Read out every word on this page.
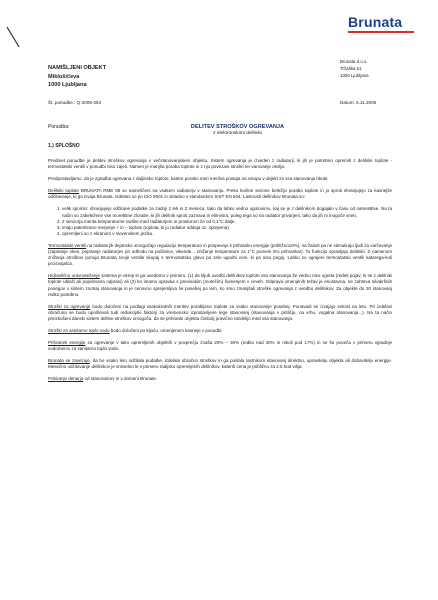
Brunata
Brunata d.o.o.
Tržaška 61
1000 Ljubljana
NAMIŠLJENI OBJEKT
Miklošičeva
1000 Ljubljana
Št. ponudbe.: Q-2006-254	Datum: 6.11.2006
Ponudba:	DELITEV STROŠKOV OGREVANJA
z elektronskimi delilniki
1.) SPLOŠNO

Predmet ponudbe je delitev stroškov ogrevanja v večstanovanjskem objektu. Sistem ogrevanja je izveden z radiatorji, ki jih je potrebno opremiti z delilniki toplote - termostatski ventili v ponudbi niso zajeti. Namen je manjša poraba toplote in z njo povezani stroški ter varovanje okolja.

Predpostavljamo, da je zgradba ogrevana z daljinsko toploto, katere porabo meri merilna postaja na vstopu v objekt za vsa stanovanja hkrati.

Delilniki toplote BRUNATA RME 95 so nameščeni na vsakem radiatorju v stanovanju. Preko kurilne sezone beležijo porabo toplote in jo sproti shranjujejo za kasnejše odčitavanje, ki ga izvaja Brunata. Izdelani so po ISO 9001 in skladno s standardom SIST EN 834. Lastnosti delilnikov Brunata so:

1. velik spomin: shranjujejo odčitane podatke za zadnji 2 leti in 2 meseca, tako da lahko vedno ugotovimo, kaj se je z delilnikom dogajalo v času od namestitve. Na ta način so zabeležene vse morebitne zlorabe, ki jih delilnik sproti zaznava in eliminira, poleg tega so na radiator privarjeni, tako da jih ni mogoče sneti,
2. 2 senzorja merita temperaturne razlike med radiatorjem in prostorom že od 0,1°C dalje,
3. imajo patentirano merjenje + in – toplote (toplota, ki jo radiator oddaja oz. sprejema)
4. opremljeni so z ekranom v slovenskem jeziku.

Termostatski ventili na radiatorjih dejansko omogočajo regulacijo temperature in prispevajo k prihranku energije (približno10%), na žalost pa ne stimulirajo ljudi za varčevanje (zapiranje oken, pripiranje radiatorjev pri odhodu na počitnice, vikende... znižanje temperature za 1°C pomeni 6% prihranka!). To funkcijo opravljajo delilniki. Z namenom znižanja stroškov ponuja Brunata svoje ventile skupaj s termostatsko glavo po zelo ugodni ceni, ki pa niso pogoj. Lahko so vgrajeni termostatski ventili katerega-koli proizvajalca.

Hidravlično uravnoteženje sistema je ukrep ki ga uvedemo v primeru, (1) da kljub uvedbi delilnikov toplote vsa stanovanja še vedno niso ogreta (redek pojav, ki se z delilniki toplote ublaži ali popolnoma odpravi) ali (2) ko imamo opravka s previsokim (motečim) šumenjem v ceveh. Odprava omenjenih težav je enostavna, ne zahteva nikakršnih posegov v sistem znotraj stanovanja in je cenovno sprejemljiva še posebej po tem, ko smo zmanjšali stroške ogrevanja z uvedbo delilnikov. Za objekte do 30 stanovanj redko potrebno.

Stroški za ogrevanje bodo določeni na podlagi vsakokratnih meritev porabljene toplote za vsako stanovanje posebej. Ponavadi se izvajajo enkrat na leto. Pri izdelavi obračuna se bodo upoštevali tudi redukcijski faktorji za vremensko izpostavljene lege stanovanj (stanovanja v pritličju, na vrhu, vogalna stanovanja...). Na ta način preizkušeni danski sistem delitve stroškov omogoča, da se prihranki objekta čimbolj pravično razdelijo med vsa stanovanja.

Stroški za sanitarno toplo vodo bodo določeni po ključu, omenjenem kasneje v ponudbi.

Prihranek energije za ogrevanje v tako opremljenih objektih v povprečju znaša 20% – 30% (redko nad 40% in nikoli pod 17%) in se še poveča v primeru vgradnje vodomerov za sanitarno toplo vodo.

Brunata se zavezuje, da bo vsako leto odčitala podatke, izdelala obračun stroškov in ga poslala lastnikom stanovanj direktno, upravitelju objekta ali dobavitelju energije. Mesečno odčitavanje delilnikov je smiselno le v primeru radijsko opremljenih delilnikov, katerih cena je približno za 2.5 krat višja.

Pobiranje denarja od stanovalcev ni v domeni Brunate.
